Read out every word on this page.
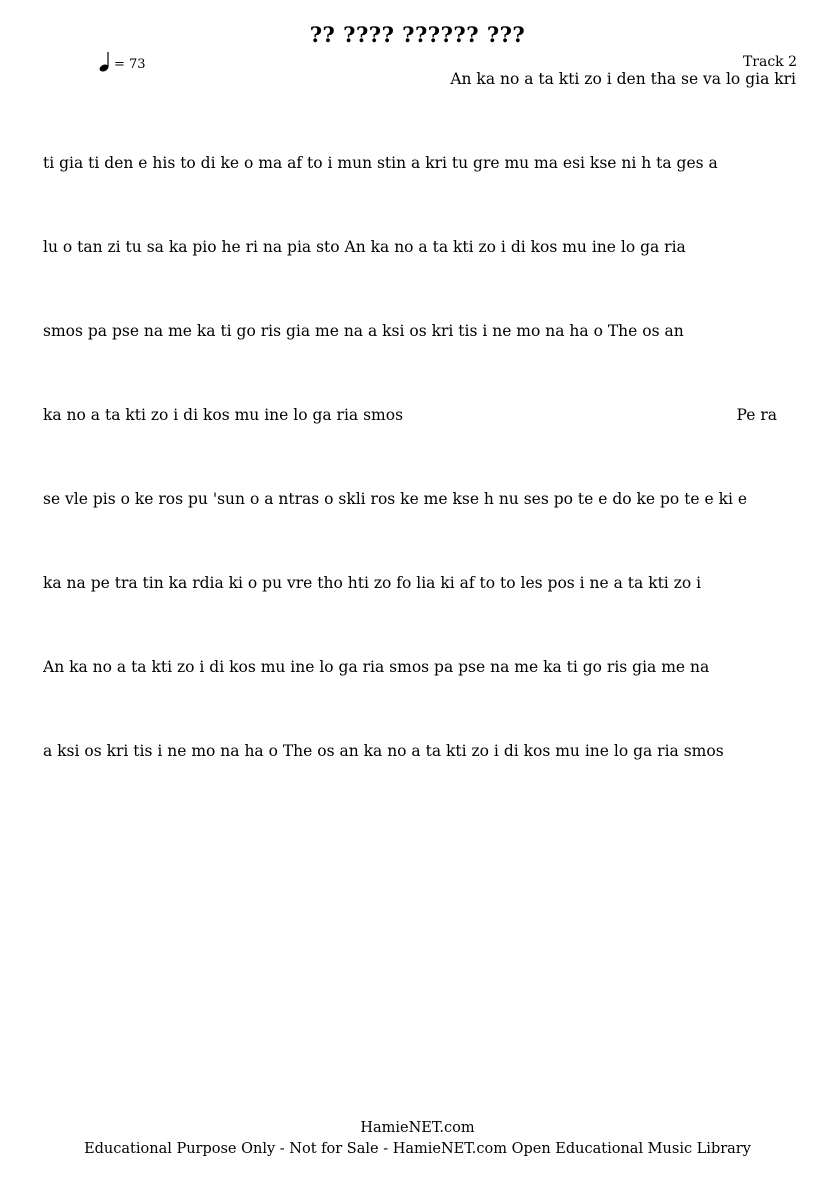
?? ???? ?????? ???
= 73	Track 2
An ka no a ta kti zo i den tha se va lo gia kri
ti gia ti den e his to di ke o ma af to i mun stin a kri tu gre mu ma esi kse ni h ta ges a
lu o tan zi tu sa ka pio he ri na pia sto An ka no a ta kti zo i di kos mu ine lo ga ria
smos pa pse na me ka ti go ris gia me na a ksi os kri tis i ne mo na ha o The os an
ka no a ta kti zo i di kos mu ine lo ga ria smos	Pe ra
se vle pis o ke ros pu 'sun o a ntras o skli ros ke me kse h nu ses po te e do ke po te e ki e
ka na pe tra tin ka rdia ki o pu vre tho hti zo fo lia ki af to to les pos i ne a ta kti zo i
An ka no a ta kti zo i di kos mu ine lo ga ria smos pa pse na me ka ti go ris gia me na
a ksi os kri tis i ne mo na ha o The os an ka no a ta kti zo i di kos mu ine lo ga ria smos
HamieNET.com
Educational Purpose Only - Not for Sale - HamieNET.com Open Educational Music Library
